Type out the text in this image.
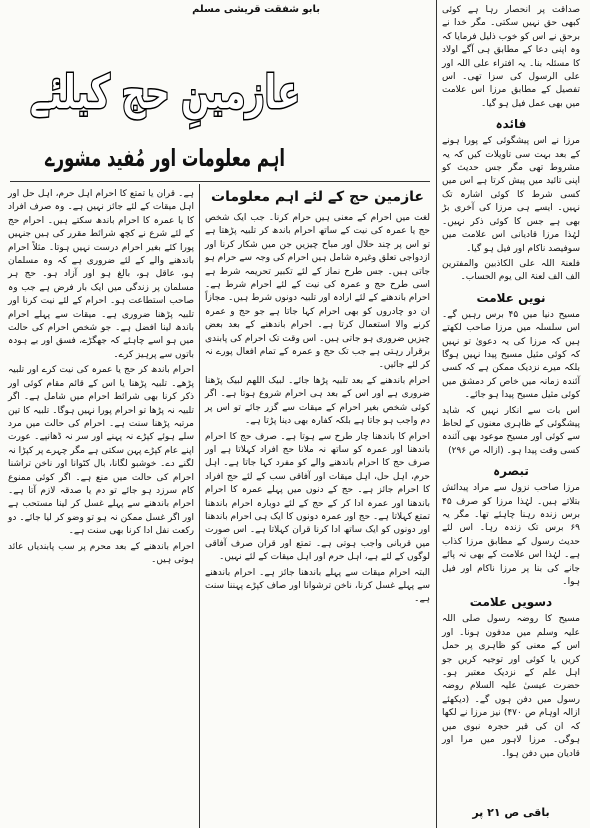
صداقت پر انحصار رہا ہے کوئی کبھی حق نہیں سکتی۔ مگر خدا نے برحق نے اس کو خوب ذلیل فرمایا کہ وہ اپنی دعا کے مطابق ہی آگے اولاد کا مسئلہ بنا۔ یہ افتراء علی اللہ اور علی الرسول کی سزا تھی۔ اس تفصیل کے مطابق مرزا اس علامت میں بھی عمل فیل ہو گیا۔

فائدہ

مرزا نے اس پیشگوئی کے پورا ہونے کے بعد بہت سی تاویلات کیں کہ یہ مشروط تھی مگر جس حدیث کو اپنی تائید میں پیش کرتا ہے اس میں کسی شرط کا کوئی اشارہ تک نہیں۔ ایسے ہی مرزا کی آخری بڑ بھی ہے جس کا کوئی ذکر نہیں۔ لہٰذا مرزا قادیانی اس علامت میں سوفیصد ناکام اور فیل ہو گیا۔

فلعنۃ اللہ علی الکاذبین والمفترین الف الف لعنۃ الی یوم الحساب۔

نویں علامت

مسیح دنیا میں ۴۵ برس رہیں گے۔ اس سلسلہ میں مرزا صاحب لکھتے ہیں کہ مرزا کی یہ دعویٰ تو نہیں کہ کوئی مثیل مسیح پیدا نہیں ہوگا بلکہ میرے نزدیک ممکن ہے کہ کسی آئندہ زمانہ میں خاص کر دمشق میں کوئی مثیل مسیح پیدا ہو جائے۔

اس بات سے انکار نہیں کہ شاید پیشگوئی کے ظاہری معنوں کے لحاظ سے کوئی اور مسیح موعود بھی آئندہ کسی وقت پیدا ہو۔ (ازالہ ص ۲۹۶)

تبصرہ

مرزا صاحب نزول سے مراد پیدائش بتلاتے ہیں۔ لہٰذا مرزا کو صرف ۴۵ برس زندہ رہنا چاہئے تھا۔ مگر یہ ۶۹ برس تک زندہ رہا۔ اس لئے حدیث رسول کے مطابق مرزا کذاب ہے۔ لہٰذا اس علامت کے بھی نہ پائے جانے کی بنا پر مرزا ناکام اور فیل ہوا۔

دسویں علامت

مسیح کا روضہ رسول صلی اللہ علیہ وسلم میں مدفون ہونا۔ اور اس کے معنی کو ظاہری پر حمل کریں یا کوئی اور توجیہ کریں جو اہل علم کے نزدیک معتبر ہو۔ حضرت عیسیٰ علیہ السلام روضہ رسول میں دفن ہوں گے۔ (دیکھئے ازالہ اوہام ص ۴۷۰) نیز مرزا نے لکھا کہ ان کی قبر حجرہ نبوی میں ہوگی۔ مرزا لاہور میں مرا اور قادیان میں دفن ہوا۔

باقی ص ۲۱ پر
بابو شفقت قریشی مسلم
عازمینِ حج کیلئے
اہم معلومات اور مُفید مشورے
عازمین حج کے لئے اہم معلومات

لغت میں احرام کے معنی ہیں حرام کرنا۔ جب ایک شخص حج یا عمرہ کی نیت کے ساتھ احرام باندھ کر تلبیہ پڑھتا ہے تو اس پر چند حلال اور مباح چیزیں جن میں شکار کرنا اور ازدواجی تعلق وغیرہ شامل ہیں احرام کی وجہ سے حرام ہو جاتی ہیں۔ جس طرح نماز کے لئے تکبیر تحریمہ شرط ہے اسی طرح حج و عمرہ کی نیت کے لئے احرام شرط ہے۔ احرام باندھنے کے لئے ارادہ اور تلبیہ دونوں شرط ہیں۔ مجازاً ان دو چادروں کو بھی احرام کہا جاتا ہے جو حج و عمرہ کرنے والا استعمال کرتا ہے۔ احرام باندھنے کے بعد بعض چیزیں ضروری ہو جاتی ہیں۔ اس وقت تک احرام کی پابندی برقرار رہتی ہے جب تک حج و عمرہ کے تمام افعال پورے نہ کر لئے جائیں۔

احرام باندھنے کے بعد تلبیہ پڑھا جائے۔ لبیک اللھم لبیک پڑھنا ضروری ہے اور اس کے بعد ہی احرام شروع ہوتا ہے۔ اگر کوئی شخص بغیر احرام کے میقات سے گزر جائے تو اس پر دم واجب ہو جاتا ہے بلکہ کفارہ بھی دینا پڑتا ہے۔

احرام کا باندھنا چار طرح سے ہوتا ہے۔ صرف حج کا احرام باندھنا اور عمرہ کو ساتھ نہ ملانا حج افراد کہلاتا ہے اور صرف حج کا احرام باندھنے والے کو مفرد کہا جاتا ہے۔ اہل حرم، اہل حل، اہل میقات اور آفاقی سب کے لئے حج افراد کا احرام جائز ہے۔ حج کے دنوں میں پہلے عمرہ کا احرام باندھنا اور عمرہ ادا کر کے حج کے لئے دوبارہ احرام باندھنا تمتع کہلاتا ہے۔ حج اور عمرہ دونوں کا ایک ہی احرام باندھنا اور دونوں کو ایک ساتھ ادا کرنا قران کہلاتا ہے۔ اس صورت میں قربانی واجب ہوتی ہے۔ تمتع اور قران صرف آفاقی لوگوں کے لئے ہے، اہل حرم اور اہل میقات کے لئے نہیں۔

البتہ احرام میقات سے پہلے باندھنا جائز ہے۔ احرام باندھنے سے پہلے غسل کرنا، ناخن ترشوانا اور صاف کپڑے پہننا سنت ہے۔

ہے۔ قران یا تمتع کا احرام اہل حرم، اہل حل اور اہل میقات کے لئے جائز نہیں ہے۔ وہ صرف افراد کا یا عمرہ کا احرام باندھ سکتے ہیں۔ احرام حج کے لئے شرع نے کچھ شرائط مقرر کی ہیں جنہیں پورا کئے بغیر احرام درست نہیں ہوتا۔ مثلاً احرام باندھنے والے کے لئے ضروری ہے کہ وہ مسلمان ہو، عاقل ہو، بالغ ہو اور آزاد ہو۔ حج ہر مسلمان پر زندگی میں ایک بار فرض ہے جب وہ صاحب استطاعت ہو۔ احرام کے لئے نیت کرنا اور تلبیہ پڑھنا ضروری ہے۔ میقات سے پہلے احرام باندھ لینا افضل ہے۔ جو شخص احرام کی حالت میں ہو اسے چاہئے کہ جھگڑے، فسق اور بے ہودہ باتوں سے پرہیز کرے۔

احرام باندھ کر حج یا عمرہ کی نیت کرے اور تلبیہ پڑھے۔ تلبیہ پڑھنا یا اس کے قائم مقام کوئی اور ذکر کرنا بھی شرائط احرام میں شامل ہے۔ اگر تلبیہ نہ پڑھا تو احرام پورا نہیں ہوگا۔ تلبیہ کا تین مرتبہ پڑھنا سنت ہے۔ احرام کی حالت میں مرد سلے ہوئے کپڑے نہ پہنے اور سر نہ ڈھانپے۔ عورت اپنے عام کپڑے پہن سکتی ہے مگر چہرے پر کپڑا نہ لگنے دے۔ خوشبو لگانا، بال کٹوانا اور ناخن تراشنا احرام کی حالت میں منع ہے۔ اگر کوئی ممنوع کام سرزد ہو جائے تو دم یا صدقہ لازم آتا ہے۔ احرام باندھنے سے پہلے غسل کر لینا مستحب ہے اور اگر غسل ممکن نہ ہو تو وضو کر لیا جائے۔ دو رکعت نفل ادا کرنا بھی سنت ہے۔

احرام باندھنے کے بعد محرم پر سب پابندیاں عائد ہوتی ہیں۔
